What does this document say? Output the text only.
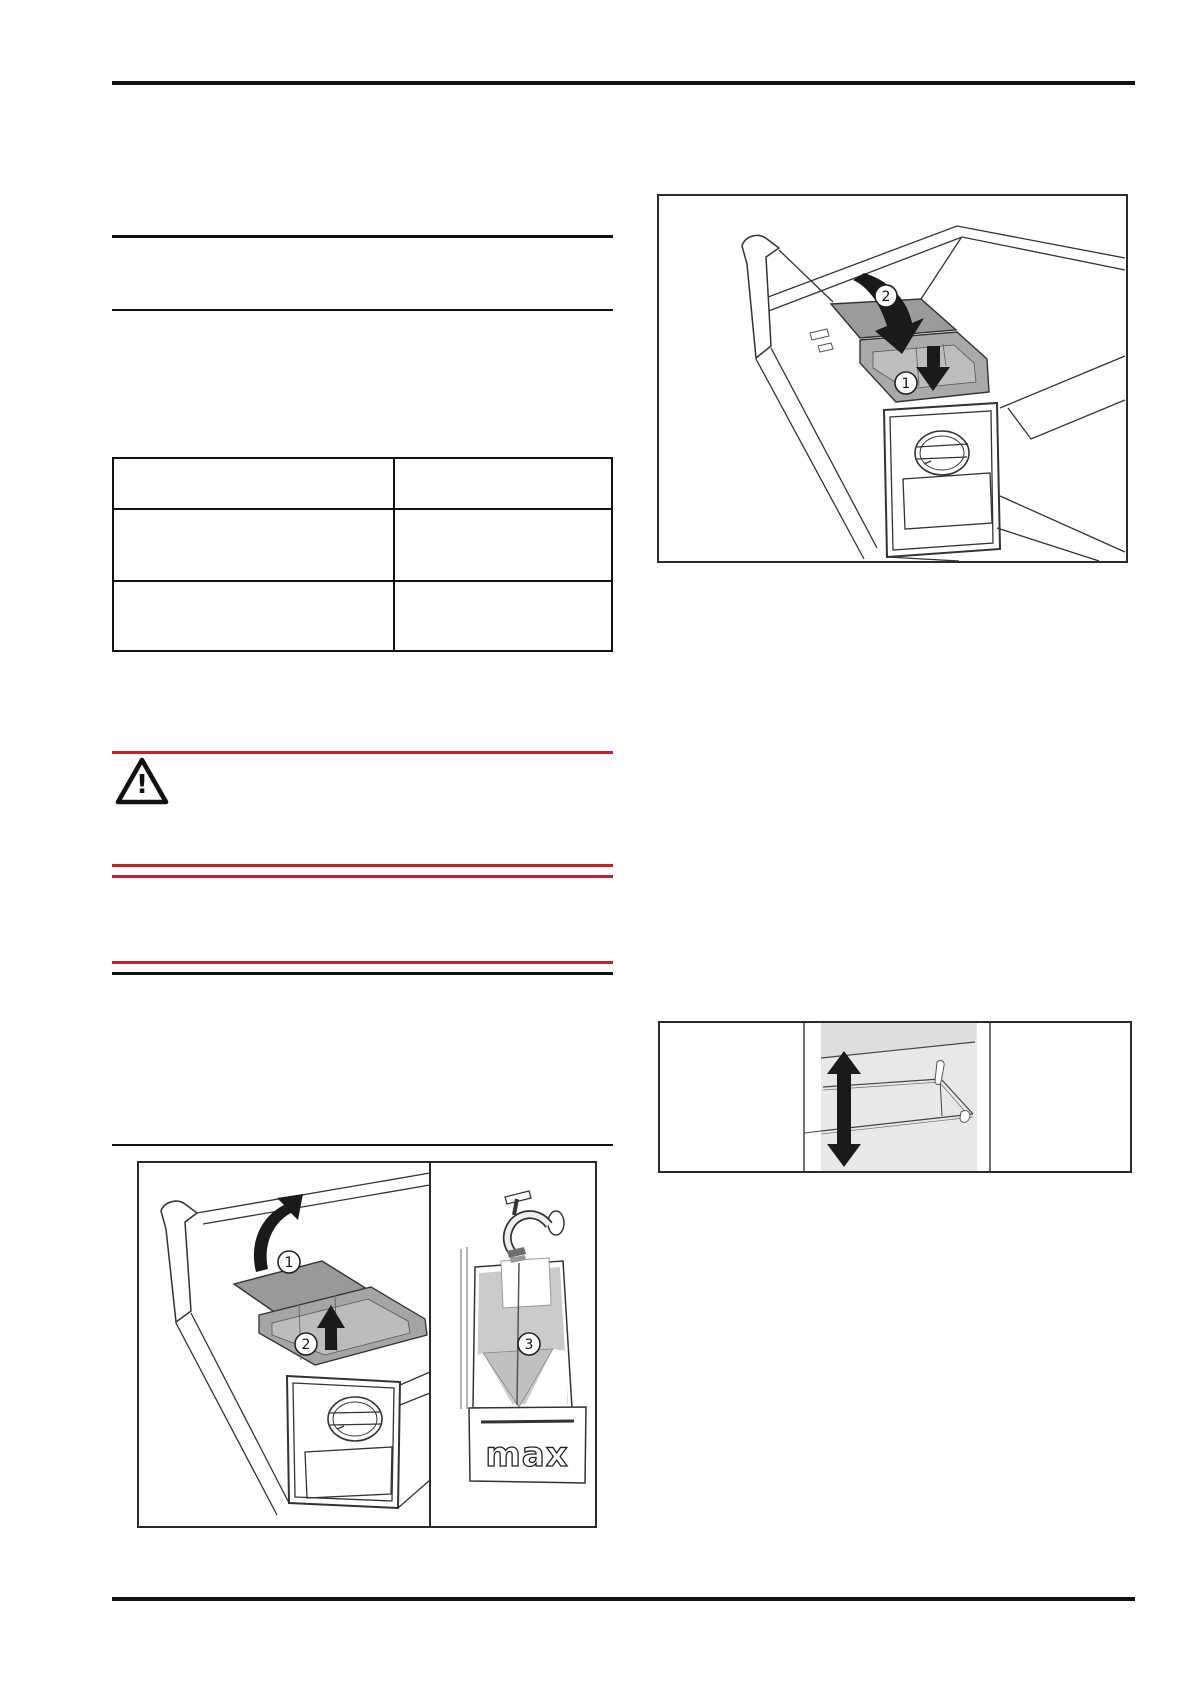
!
2
1
1
2	3
max
